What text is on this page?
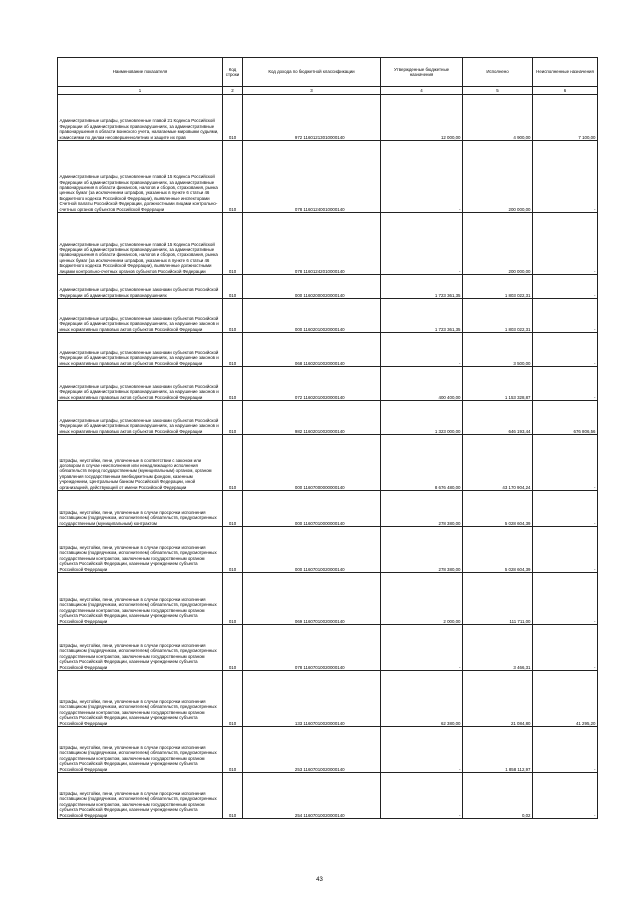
Наименование показателя	Код строки	Код дохода по бюджетной классификации	Утвержденные бюджетные назначения	Исполнено	Неисполненные назначения
1	2	3	4	5	6
Административные штрафы, установленные главой 21 Кодекса Российской Федерации об административных правонарушениях, за административные правонарушения в области воинского учета, налагаемые мировыми судьями, комиссиями по делам несовершеннолетних и защите их прав	010	972 11601213010000140	12 000,00	4 900,00	7 100,00
Административные штрафы, установленные главой 15 Кодекса Российской Федерации об административных правонарушениях, за административные правонарушения в области финансов, налогов и сборов, страхования, рынка ценных бумаг (за исключением штрафов, указанных в пункте 6 статьи 46 Бюджетного кодекса Российской Федерации), выявленные инспекторами Счетной палаты Российской Федерации, должностными лицами контрольно-счетных органов субъектов Российской Федерации	010	078 11601240010000140	-	200 000,00	-
Административные штрафы, установленные главой 15 Кодекса Российской Федерации об административных правонарушениях, за административные правонарушения в области финансов, налогов и сборов, страхования, рынка ценных бумаг (за исключением штрафов, указанных в пункте 6 статьи 46 Бюджетного кодекса Российской Федерации), выявленные должностными лицами контрольно-счетных органов субъектов Российской Федерации	010	078 11601242010000140	-	200 000,00	-
Административные штрафы, установленные законами субъектов Российской Федерации об административных правонарушениях	010	000 11602000020000140	1 723 361,35	1 803 022,31	-
Административные штрафы, установленные законами субъектов Российской Федерации об административных правонарушениях, за нарушение законов и иных нормативных правовых актов субъектов Российской Федерации	010	000 11602010020000140	1 723 361,35	1 803 022,31	-
Административные штрафы, установленные законами субъектов Российской Федерации об административных правонарушениях, за нарушение законов и иных нормативных правовых актов субъектов Российской Федерации	010	068 11602010020000140	-	3 500,00	-
Административные штрафы, установленные законами субъектов Российской Федерации об административных правонарушениях, за нарушение законов и иных нормативных правовых актов субъектов Российской Федерации	010	072 11602010020000140	400 400,00	1 153 328,87	-
Административные штрафы, установленные законами субъектов Российской Федерации об административных правонарушениях, за нарушение законов и иных нормативных правовых актов субъектов Российской Федерации	010	982 11602010020000140	1 323 000,00	646 193,44	676 806,56
Штрафы, неустойки, пени, уплаченные в соответствии с законом или договором в случае неисполнения или ненадлежащего исполнения обязательств перед государственным (муниципальным) органом, органом управления государственным внебюджетным фондом, казенным учреждением, Центральным банком Российской Федерации, иной организацией, действующей от имени Российской Федерации	010	000 11607000000000140	8 676 480,00	43 170 904,24	-
Штрафы, неустойки, пени, уплаченные в случае просрочки исполнения поставщиком (подрядчиком, исполнителем) обязательств, предусмотренных государственным (муниципальным) контрактом	010	000 11607010000000140	278 380,00	5 028 604,39	-
Штрафы, неустойки, пени, уплаченные в случае просрочки исполнения поставщиком (подрядчиком, исполнителем) обязательств, предусмотренных государственным контрактом, заключенным государственным органом субъекта Российской Федерации, казенным учреждением субъекта Российской Федерации	010	000 11607010020000140	278 380,00	5 028 604,39	-
Штрафы, неустойки, пени, уплаченные в случае просрочки исполнения поставщиком (подрядчиком, исполнителем) обязательств, предусмотренных государственным контрактом, заключенным государственным органом субъекта Российской Федерации, казенным учреждением субъекта Российской Федерации	010	069 11607010020000140	2 000,00	111 711,00	-
Штрафы, неустойки, пени, уплаченные в случае просрочки исполнения поставщиком (подрядчиком, исполнителем) обязательств, предусмотренных государственным контрактом, заключенным государственным органом субъекта Российской Федерации, казенным учреждением субъекта Российской Федерации	010	078 11607010020000140	-	3 466,31	-
Штрафы, неустойки, пени, уплаченные в случае просрочки исполнения поставщиком (подрядчиком, исполнителем) обязательств, предусмотренных государственным контрактом, заключенным государственным органом субъекта Российской Федерации, казенным учреждением субъекта Российской Федерации	010	133 11607010020000140	62 380,00	21 084,80	41 295,20
Штрафы, неустойки, пени, уплаченные в случае просрочки исполнения поставщиком (подрядчиком, исполнителем) обязательств, предусмотренных государственным контрактом, заключенным государственным органом субъекта Российской Федерации, казенным учреждением субъекта Российской Федерации	010	253 11607010020000140	-	1 858 112,97	-
Штрафы, неустойки, пени, уплаченные в случае просрочки исполнения поставщиком (подрядчиком, исполнителем) обязательств, предусмотренных государственным контрактом, заключенным государственным органом субъекта Российской Федерации, казенным учреждением субъекта Российской Федерации	010	254 11607010020000140	-	0,02	-
43
